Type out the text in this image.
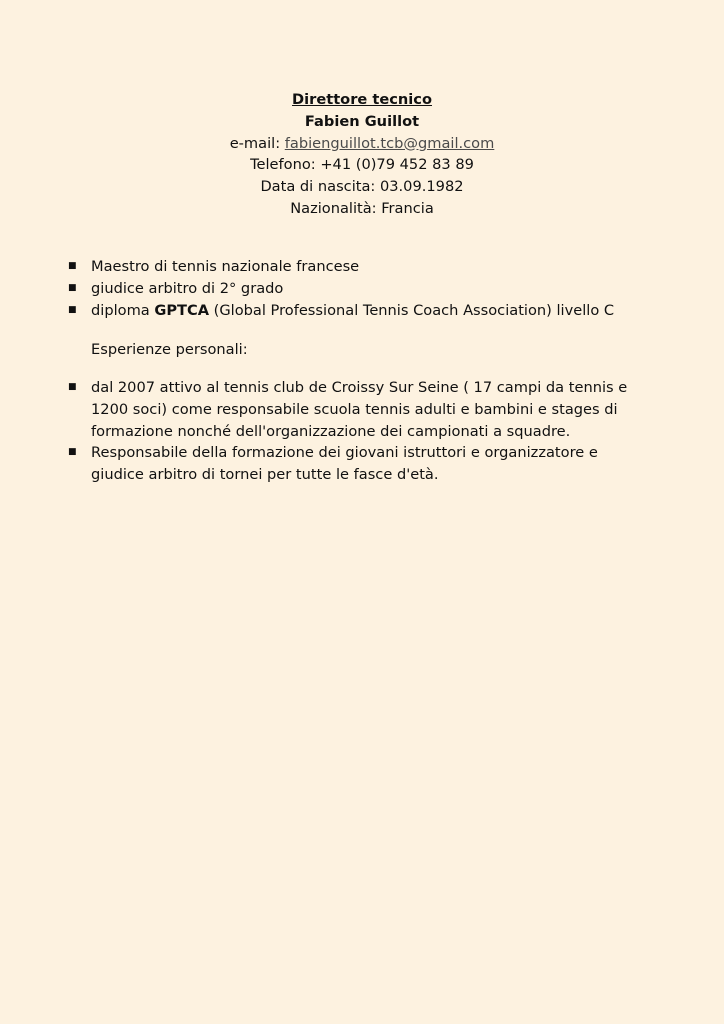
Direttore tecnico
Fabien Guillot
e-mail: fabienguillot.tcb@gmail.com
Telefono: +41 (0)79 452 83 89
Data di nascita: 03.09.1982
Nazionalità: Francia
■ Maestro di tennis nazionale francese
■ giudice arbitro di 2° grado
■ diploma GPTCA (Global Professional Tennis Coach Association) livello C
Esperienze personali:
■ dal 2007 attivo al tennis club de Croissy Sur Seine ( 17 campi da tennis e 1200 soci) come responsabile scuola tennis adulti e bambini e stages di formazione nonché dell'organizzazione dei campionati a squadre.
■ Responsabile della formazione dei giovani istruttori e organizzatore e giudice arbitro di tornei per tutte le fasce d'età.
